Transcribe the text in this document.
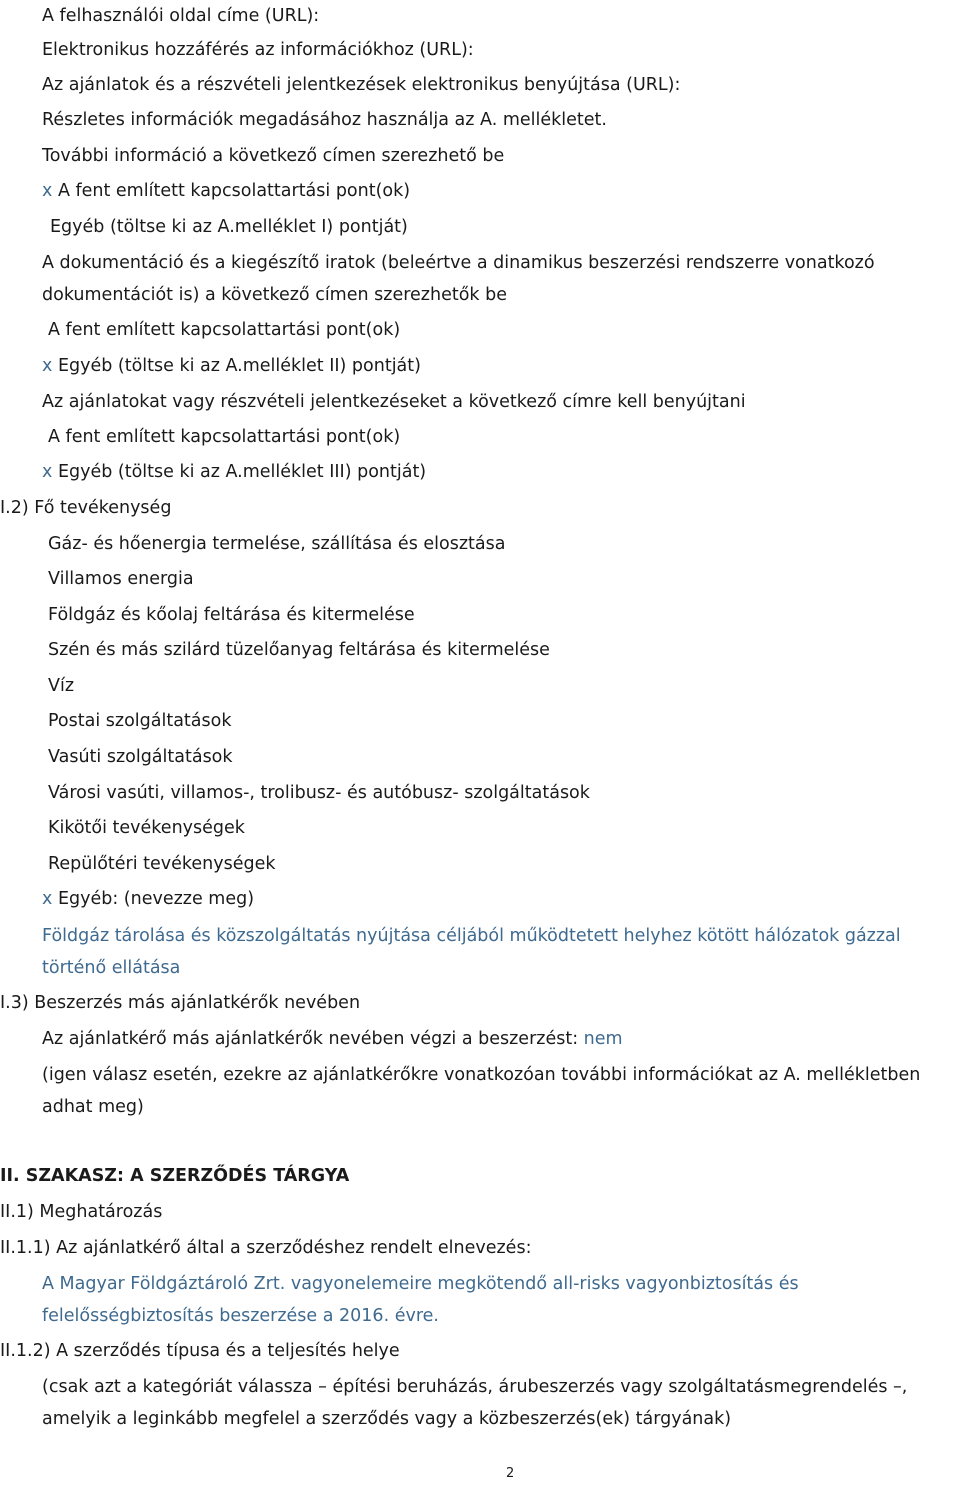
A felhasználói oldal címe (URL):
Elektronikus hozzáférés az információkhoz (URL):
Az ajánlatok és a részvételi jelentkezések elektronikus benyújtása (URL):
Részletes információk megadásához használja az A. mellékletet.
További információ a következő címen szerezhető be
x A fent említett kapcsolattartási pont(ok)
Egyéb (töltse ki az A.melléklet I) pontját)
A dokumentáció és a kiegészítő iratok (beleértve a dinamikus beszerzési rendszerre vonatkozó
dokumentációt is) a következő címen szerezhetők be
A fent említett kapcsolattartási pont(ok)
x Egyéb (töltse ki az A.melléklet II) pontját)
Az ajánlatokat vagy részvételi jelentkezéseket a következő címre kell benyújtani
A fent említett kapcsolattartási pont(ok)
x Egyéb (töltse ki az A.melléklet III) pontját)
I.2) Fő tevékenység
Gáz- és hőenergia termelése, szállítása és elosztása
Villamos energia
Földgáz és kőolaj feltárása és kitermelése
Szén és más szilárd tüzelőanyag feltárása és kitermelése
Víz
Postai szolgáltatások
Vasúti szolgáltatások
Városi vasúti, villamos-, trolibusz- és autóbusz- szolgáltatások
Kikötői tevékenységek
Repülőtéri tevékenységek
x Egyéb: (nevezze meg)
Földgáz tárolása és közszolgáltatás nyújtása céljából működtetett helyhez kötött hálózatok gázzal
történő ellátása
I.3) Beszerzés más ajánlatkérők nevében
Az ajánlatkérő más ajánlatkérők nevében végzi a beszerzést: nem
(igen válasz esetén, ezekre az ajánlatkérőkre vonatkozóan további információkat az A. mellékletben
adhat meg)
II. SZAKASZ: A SZERZŐDÉS TÁRGYA
II.1) Meghatározás
II.1.1) Az ajánlatkérő által a szerződéshez rendelt elnevezés:
A Magyar Földgáztároló Zrt. vagyonelemeire megkötendő all-risks vagyonbiztosítás és
felelősségbiztosítás beszerzése a 2016. évre.
II.1.2) A szerződés típusa és a teljesítés helye
(csak azt a kategóriát válassza – építési beruházás, árubeszerzés vagy szolgáltatásmegrendelés –,
amelyik a leginkább megfelel a szerződés vagy a közbeszerzés(ek) tárgyának)
2
